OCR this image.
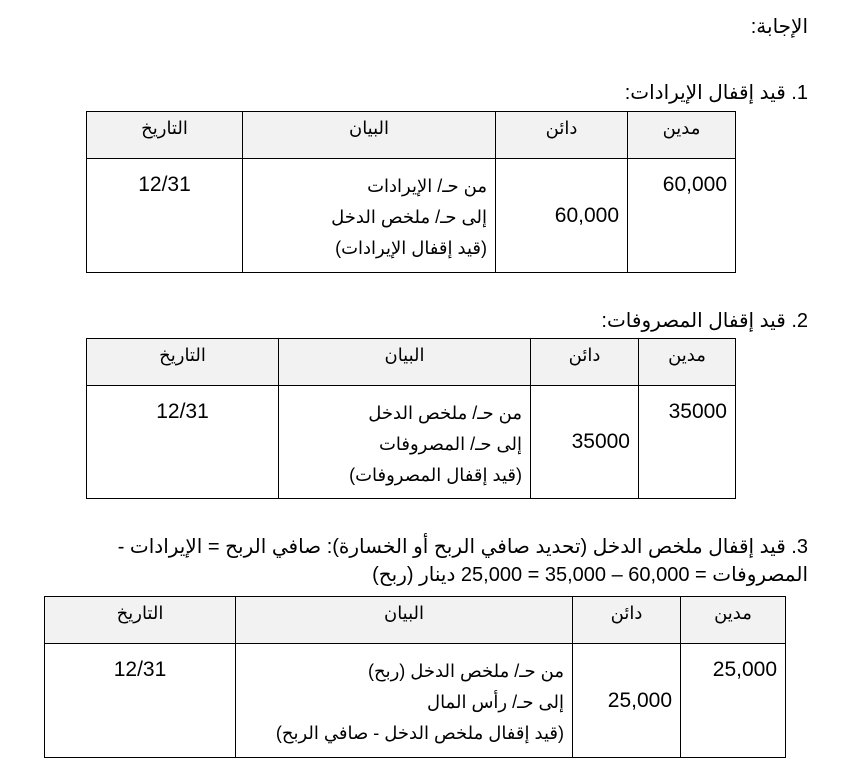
الإجابة:
1. قيد إقفال الإيرادات:
مدين	دائن	البيان	التاريخ
60,000	60,000	من حـ/ الإيرادات
إلى حـ/ ملخص الدخل
(قيد إقفال الإيرادات)	12/31
2. قيد إقفال المصروفات:
مدين	دائن	البيان	التاريخ
35000	35000	من حـ/ ملخص الدخل
إلى حـ/ المصروفات
(قيد إقفال المصروفات)	12/31
3. قيد إقفال ملخص الدخل (تحديد صافي الربح أو الخسارة): صافي الربح = الإيرادات - المصروفات = 60,000 – 35,000 = 25,000 دينار (ربح)
مدين	دائن	البيان	التاريخ
25,000	25,000	من حـ/ ملخص الدخل (ربح)
إلى حـ/ رأس المال
(قيد إقفال ملخص الدخل - صافي الربح)	12/31
